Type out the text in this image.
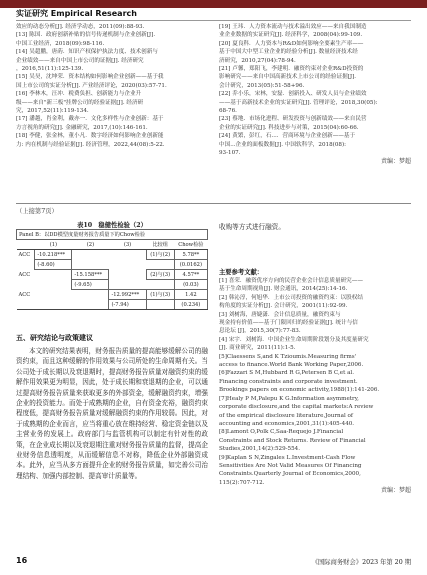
实证研究 Empirical Research

效应的动态分析[J]. 经济学动态，2011(09):88-93.

[13] 陈国．政府创新补贴的信号传递机制与企业创新[J]．

中国工业经济，2018(09):98-116.

[14] 吴超鹏，唐菂．知识产权保护执法力度、技术创新与

企业绩效——来自中国上市公司的证据[J]. 经济研究

，2016,51(11):125-139.

[15] 吴昊，沈坤荣．资本结构如何影响企业创新——基于我

国上市公司的实证分析[J]. 产业经济评论，2020(03):57-71.

[16] 李林木，汪冲．税费负担、创新能力与企业升

级——来自"新三板"挂牌公司的经验证据[J]. 经济研

究，2017,52(11):119-134.

[17] 潘越，肖金利，戴亦一．文化多样性与企业创新：基于

方言视角的研究[J]. 金融研究，2017,(10):146-161.

[18] 李健，张金林，董小凡．数字经济如何影响企业创新能

力: 内在机制与经验证据[J]. 经济管理，2022,44(08):5-22.

[19] 王玮．人力资本流动与技术溢出效应——来自我国制造

业企业数据的实证研究[J]. 经济科学，2008(04):99-109.

[20] 夏良科．人力资本与R&D如何影响全要素生产率——

基于中国大中型工业企业的经验分析[J]. 数量经济技术经

济研究，2010,27(04):78-94.

[21] 卢馨，郑阳飞，李建明．融资约束对企业R&D投资的

影响研究——来自中国高新技术上市公司的经验证据[J]．

会计研究，2013(05):51-58+96.

[22] 乔小乐，宋林，安磊．创新投入、研发人员与企业绩效

——基于高新技术企业的实证研究[J]. 管理评论，2018,30(05):

68-76.

[23] 蔡地．市场化进程、研发投资与创新绩效——来自民营

企业的实证研究[J]. 科技进步与对策，2015(04):60-66.

[24] 黄繁，彭红，石...．营商环境与企业创新——基于

中国...企业的面板数据[J]. 中国软科学，2018(08):

93-107.

责编：梦超

（上接第7页）
表10　稳健性检验（2）
Panel B：以DD模型度量财务报告质量下的Chow检验					
	(1)	(2)	(3)	比较组	Chow检验
ACC	-10.218***			(1)与(2)	5.78**
	(-8.60)				(0.0162)
ACC		-15.158***		(2)与(3)	4.57**
		(-9.65)			(0.03)
ACC			-12.992***	(1)与(3)	1.42
			(-7.94)		(0.234)
五、研究结论与政策建议

本文的研究结果表明，财务报告质量的提高能够缓解公司的融资约束，而且这种缓解的作用效果与公司所处的生命周期有关。当公司处于成长期以及衰退期时，提高财务报告质量对融资约束的缓解作用效果更为明显，因此，处于成长期和衰退期的企业，可以通过提高财务报告质量来获取更多的外部资金，缓解融资约束，增强企业的投资能力。而处于成熟期的企业，自有资金充裕，融资约束程度低，提高财务报告质量对缓解融资约束的作用较弱。因此，对于成熟期的企业而言，应当将重心放在维持经营、稳定资金链以及主营业务的发展上。政府部门与监管机构可以制定有针对性的政策，在企业成长期以及衰退期注重对财务报告质量的监督，提高企业财务信息透明度，从而缓解信息不对称，降低企业外部融资成本。此外，应当从多方面提升企业的财务报告质量，如完善公司治理结构、加强内部控制、提高审计质量等。

收购等方式进行融资。
主要参考文献：

[1] 喜荣．融资优序方向的民营企业会计信息质量研究——

基于生命周期视角[J]. 财会通讯，2014(25):14-16.

[2] 韩沁淳，何旭华．上市公司投资的融资约束：以股权结

构角度的实证分析[J]. 会计研究，2001(11):92-99.

[3] 刘树海，唐婕潇．会计信息质量，融资约束与

现金持有价值——基于门限回归的经验证据[J]. 统计与信

息论坛 [J]，2015,30(7):77-83.

[4] 宋宇．刘树海．中国企业生命周期阶段划分及其度量研究

[J]. 商业研究，2011(11):1-5.

[5]Claessens S,and K Tzioumis.Measuring firms'

access to finance.World Bank Working Paper,2006.

[6]Fazzari S M,Hubbard R G,Petersen B C,et al.

Financing constraints and corporate investment.

Brookings papers on economic activity,1988(1):141-206.

[7]Healy P M,Palepu K G.Information asymmetry,

corporate disclosure,and the capital markets:A review

of the empirical disclosure literature.Journal of

accounting and economics,2001,31(1):405-440.

[8]Lamont O,Polk C,Saa-Requejo J.Financial

Constraints and Stock Returns. Review of Financial

Studies,2001,14(2):529-554.

[9]Kaplan S N,Zingales L.Investment-Cash Flow

Sensitivities Are Not Valid Measures Of Financing

Constraints.Quarterly Journal of Economics,2000,

115(2):707-712.

责编：梦超

16	《国际商务财会》2023 年第 20 期
